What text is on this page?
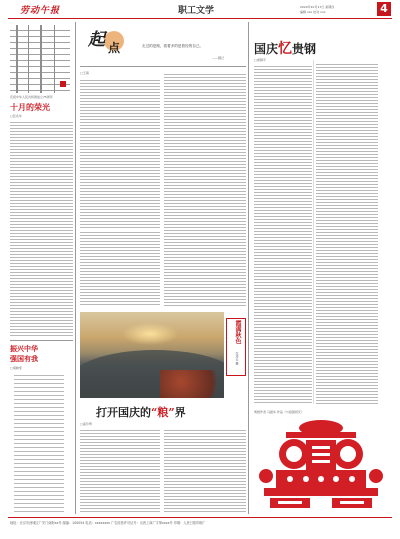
劳动午报	职工文学	2024年10月17日 星期四
编辑 xxx 校对 xxx	4
庆祝中华人民共和国成立75周年
十月的荣光
□张兆华
振兴中华
强国有我
□胡晓雯
起 点	走过的是路，看着多的是曾经的自己。
——题记
□王海
霞满秋色
张凌云 摄
打开国庆的“粮”界
□高玲琴
国庆忆贵钢
□梁锡平
剪纸作者 马振华 作品《与祖国同庆》
地址：北京市西城区广安门南街xx号 邮编：100054 电话：xxxxxxxx 广告经营许可证号：京西工商广字第xxxx号 印刷：人民日报印刷厂
